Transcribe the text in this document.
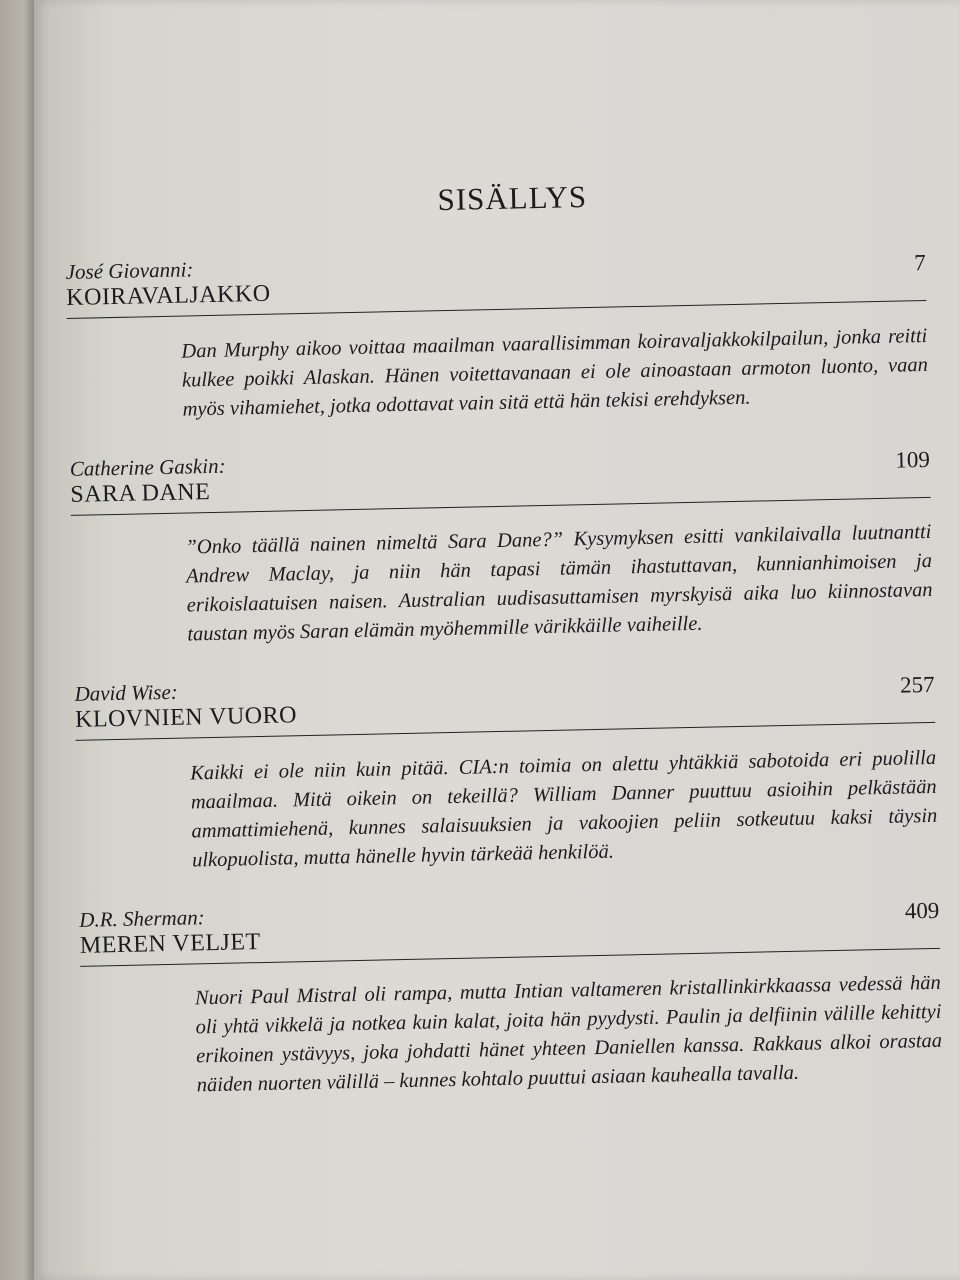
SISÄLLYS
José Giovanni:
KOIRAVALJAKKO
7

Dan Murphy aikoo voittaa maailman vaarallisimman koiravaljakkokilpailun, jonka reitti kulkee poikki Alaskan. Hänen voitettavanaan ei ole ainoastaan armoton luonto, vaan myös vihamiehet, jotka odottavat vain sitä että hän tekisi erehdyksen.

Catherine Gaskin:
SARA DANE
109

”Onko täällä nainen nimeltä Sara Dane?” Kysymyksen esitti vankilaivalla luutnantti Andrew Maclay, ja niin hän tapasi tämän ihastuttavan, kunnianhimoisen ja erikoislaatuisen naisen. Australian uudisasuttamisen myrskyisä aika luo kiinnostavan taustan myös Saran elämän myöhemmille värikkäille vaiheille.

David Wise:
KLOVNIEN VUORO
257

Kaikki ei ole niin kuin pitää. CIA:n toimia on alettu yhtäkkiä sabotoida eri puolilla maailmaa. Mitä oikein on tekeillä? William Danner puuttuu asioihin pelkästään ammattimiehenä, kunnes salaisuuksien ja vakoojien peliin sotkeutuu kaksi täysin ulkopuolista, mutta hänelle hyvin tärkeää henkilöä.

D.R. Sherman:
MEREN VELJET
409

Nuori Paul Mistral oli rampa, mutta Intian valtameren kristallinkirkkaassa vedessä hän oli yhtä vikkelä ja notkea kuin kalat, joita hän pyydysti. Paulin ja delfiinin välille kehittyi erikoinen ystävyys, joka johdatti hänet yhteen Daniellen kanssa. Rakkaus alkoi orastaa näiden nuorten välillä – kunnes kohtalo puuttui asiaan kauhealla tavalla.
